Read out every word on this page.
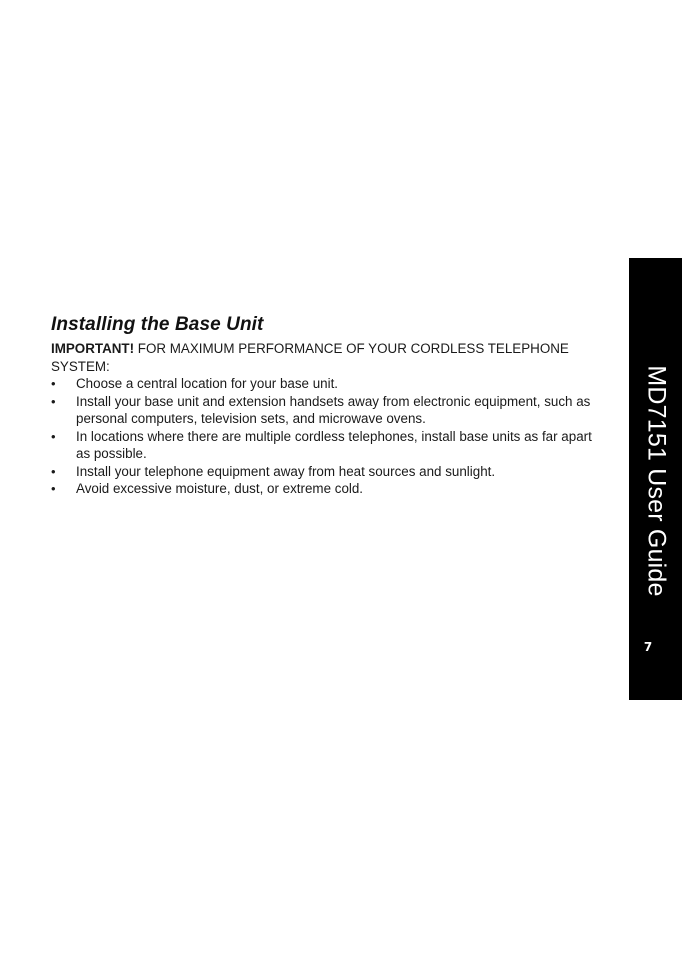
Installing the Base Unit

IMPORTANT! FOR MAXIMUM PERFORMANCE OF YOUR CORDLESS TELEPHONE SYSTEM:

•	Choose a central location for your base unit.
•	Install your base unit and extension handsets away from electronic equipment, such as personal computers, television sets, and microwave ovens.
•	In locations where there are multiple cordless telephones, install base units as far apart as possible.
•	Install your telephone equipment away from heat sources and sunlight.
•	Avoid excessive moisture, dust, or extreme cold.	MD7151 User Guide
7
